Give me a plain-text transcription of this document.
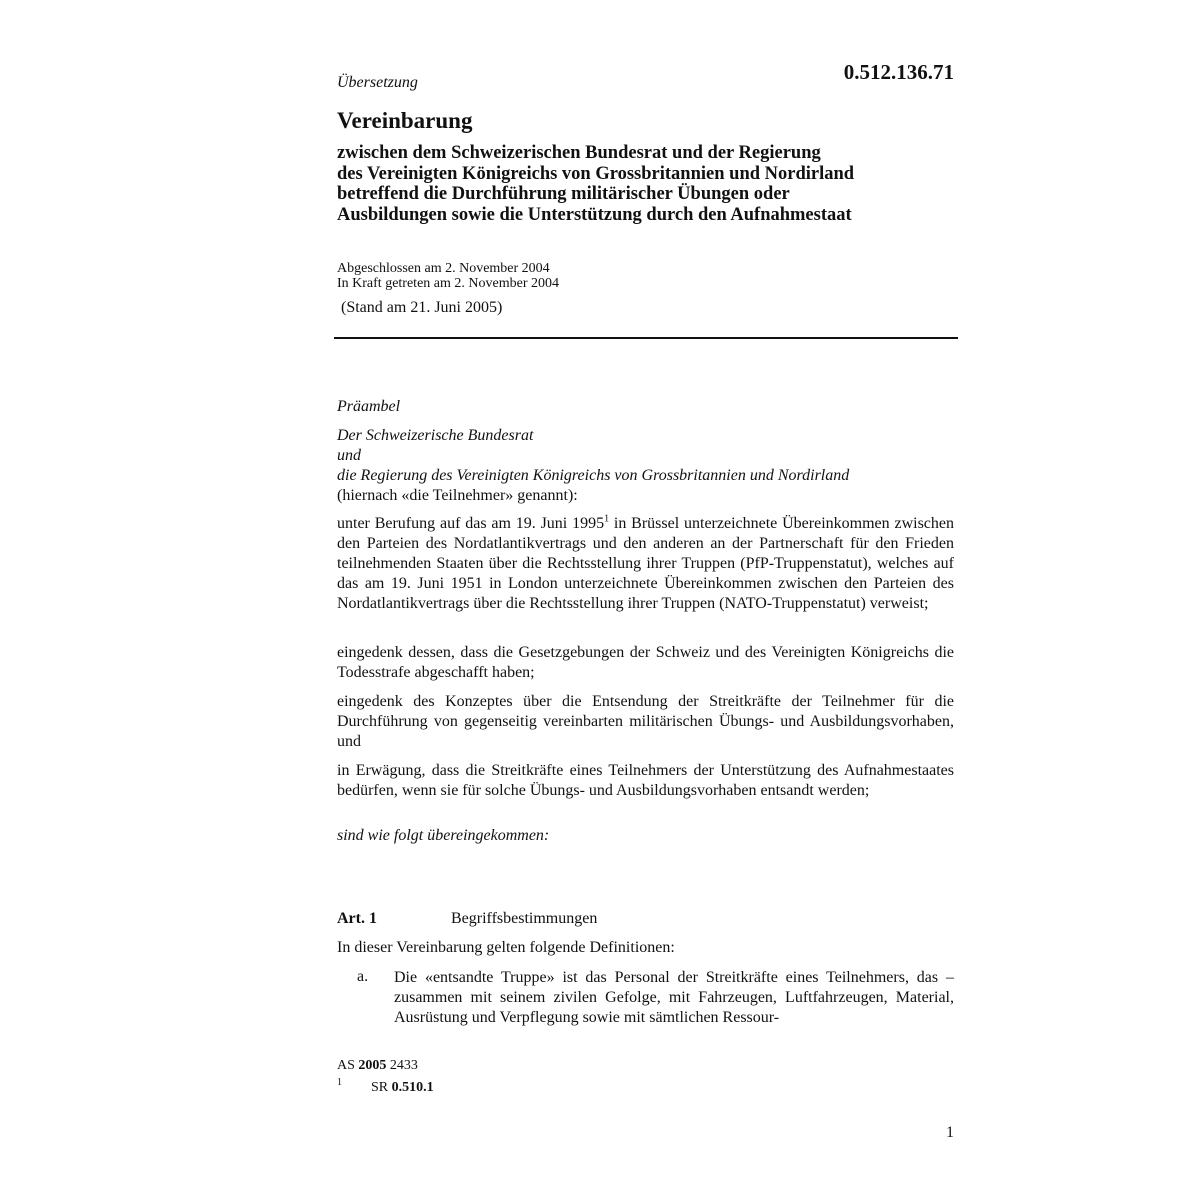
Übersetzung	0.512.136.71
Vereinbarung
zwischen dem Schweizerischen Bundesrat und der Regierung
des Vereinigten Königreichs von Grossbritannien und Nordirland
betreffend die Durchführung militärischer Übungen oder
Ausbildungen sowie die Unterstützung durch den Aufnahmestaat
Abgeschlossen am 2. November 2004
In Kraft getreten am 2. November 2004
(Stand am 21. Juni 2005)
Präambel
Der Schweizerische Bundesrat
und
die Regierung des Vereinigten Königreichs von Grossbritannien und Nordirland
(hiernach «die Teilnehmer» genannt):
unter Berufung auf das am 19. Juni 1995$^1$ in Brüssel unterzeichnete Übereinkommen zwischen den Parteien des Nordatlantikvertrags und den anderen an der Partnerschaft für den Frieden teilnehmenden Staaten über die Rechtsstellung ihrer Truppen (PfP-Truppenstatut), welches auf das am 19. Juni 1951 in London unterzeichnete Übereinkommen zwischen den Parteien des Nordatlantikvertrags über die Rechtsstellung ihrer Truppen (NATO-Truppenstatut) verweist;
eingedenk dessen, dass die Gesetzgebungen der Schweiz und des Vereinigten Königreichs die Todesstrafe abgeschafft haben;
eingedenk des Konzeptes über die Entsendung der Streitkräfte der Teilnehmer für die Durchführung von gegenseitig vereinbarten militärischen Übungs- und Ausbildungsvorhaben, und
in Erwägung, dass die Streitkräfte eines Teilnehmers der Unterstützung des Aufnahmestaates bedürfen, wenn sie für solche Übungs- und Ausbildungsvorhaben entsandt werden;
sind wie folgt übereingekommen:
Art. 1	Begriffsbestimmungen
In dieser Vereinbarung gelten folgende Definitionen:
a. Die «entsandte Truppe» ist das Personal der Streitkräfte eines Teilnehmers, das – zusammen mit seinem zivilen Gefolge, mit Fahrzeugen, Luftfahrzeugen, Material, Ausrüstung und Verpflegung sowie mit sämtlichen Ressour-
AS 2005 2433
1 SR 0.510.1
1
